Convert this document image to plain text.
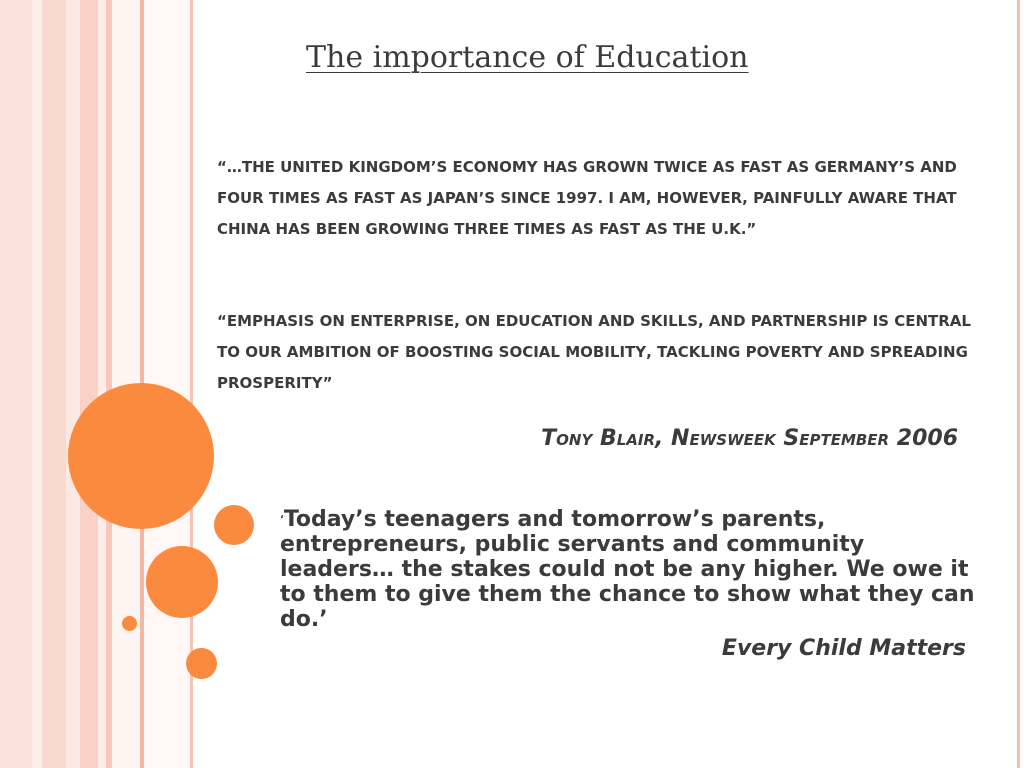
The importance of Education
“…the united kingdom’s economy has grown twice as fast as germany’s and four times as fast as japan’s since 1997. i am, however, painfully aware that china has been growing three times as fast as the u.k.”
“emphasis on enterprise, on education and skills, and partnership is central to our ambition of boosting social mobility, tackling poverty and spreading prosperity”
Tony Blair, Newsweek September 2006
‘Today’s teenagers and tomorrow’s parents, entrepreneurs, public servants and community leaders… the stakes could not be any higher. We owe it to them to give them the chance to show what they can do.’
Every Child Matters
